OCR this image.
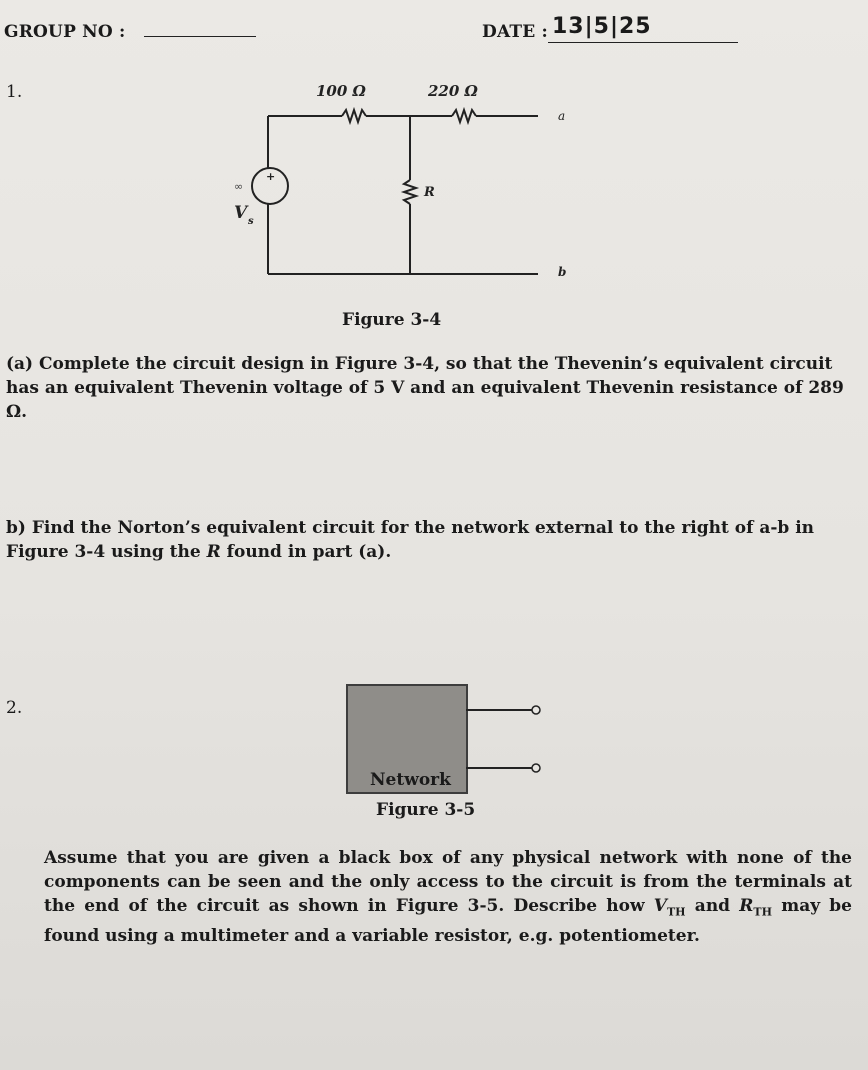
GROUP NO :	DATE : 13|5|25
1.	100 Ω	220 Ω
R
+
∞
V s
a
b
Figure 3-4
(a) Complete the circuit design in Figure 3-4, so that the Thevenin’s equivalent circuit has an equivalent Thevenin voltage of 5 V and an equivalent Thevenin resistance of 289 Ω.
b) Find the Norton’s equivalent circuit for the network external to the right of a-b in Figure 3-4 using the R found in part (a).
2.
Network
Figure 3-5
Assume that you are given a black box of any physical network with none of the components can be seen and the only access to the circuit is from the terminals at the end of the circuit as shown in Figure 3-5. Describe how $V_{TH}$ and $R_{TH}$ may be found using a multimeter and a variable resistor, e.g. potentiometer.
